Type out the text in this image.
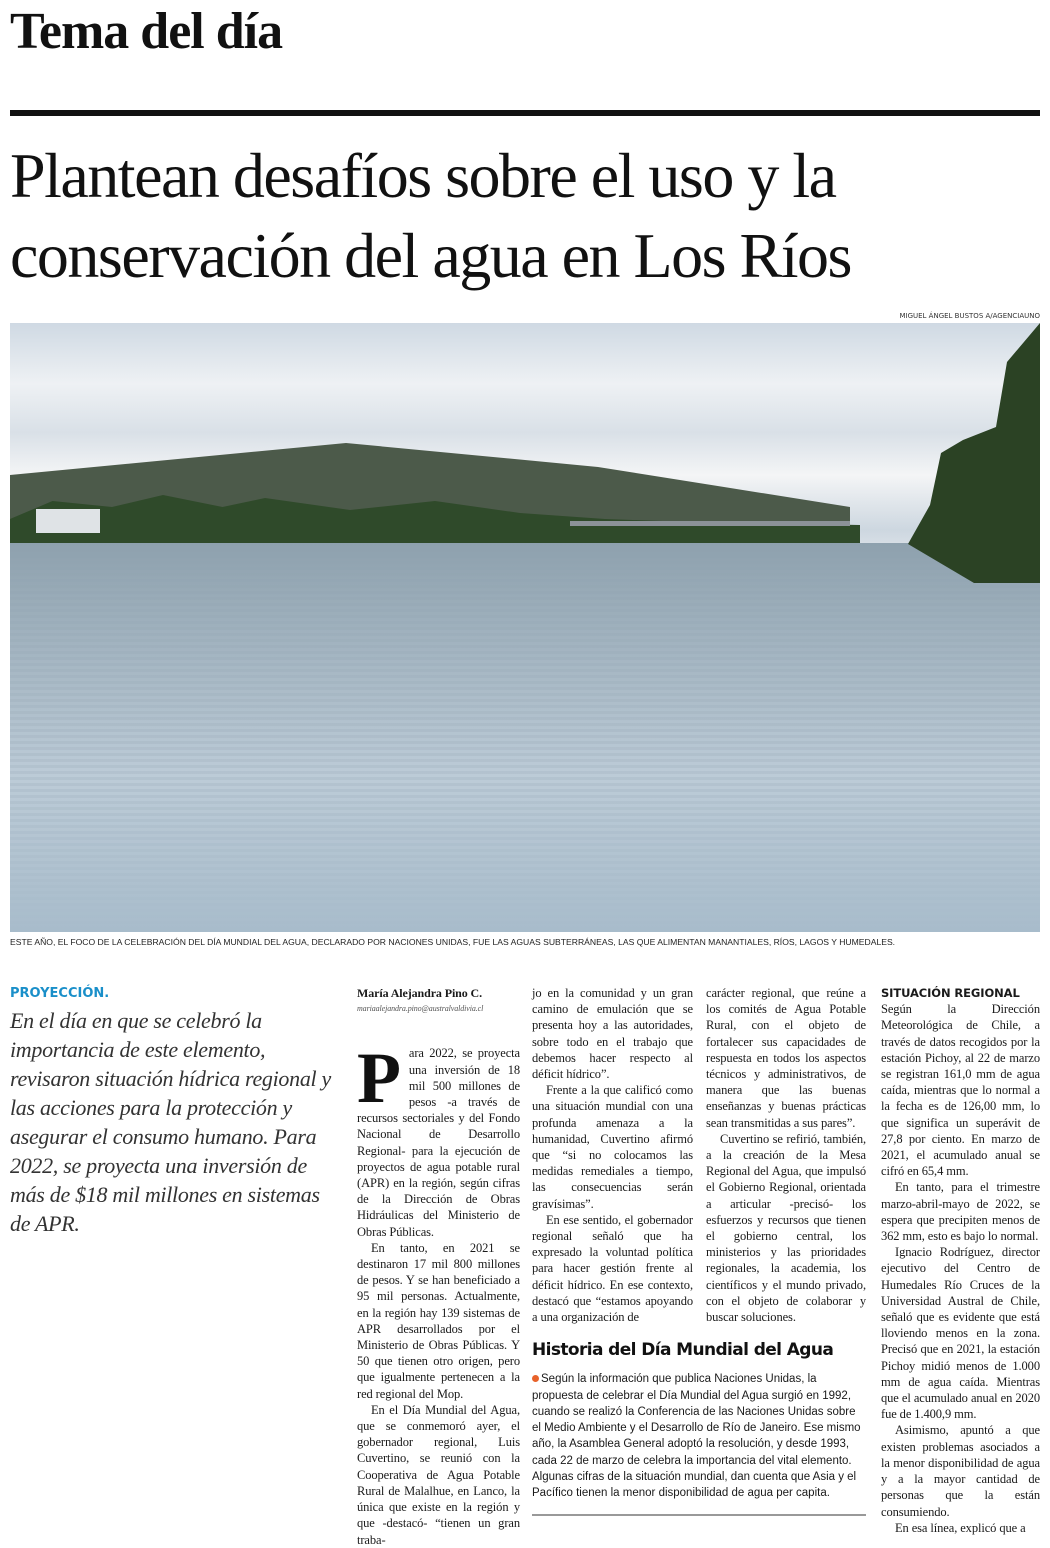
Tema del día
Plantean desafíos sobre el uso y la conservación del agua en Los Ríos
MIGUEL ÁNGEL BUSTOS A/AGENCIAUNO
ESTE AÑO, EL FOCO DE LA CELEBRACIÓN DEL DÍA MUNDIAL DEL AGUA, DECLARADO POR NACIONES UNIDAS, FUE LAS AGUAS SUBTERRÁNEAS, LAS QUE ALIMENTAN MANANTIALES, RÍOS, LAGOS Y HUMEDALES.
PROYECCIÓN.
En el día en que se celebró la importancia de este elemento, revisaron situación hídrica regional y las acciones para la protección y asegurar el consumo humano. Para 2022, se proyecta una inversión de más de $18 mil millones en sistemas de APR.

María Alejandra Pino C.

mariaalejandra.pino@australvaldivia.cl

Para 2022, se proyecta una inversión de 18 mil 500 millones de pesos -a través de recursos sectoriales y del Fondo Nacional de Desarrollo Regional- para la ejecución de proyectos de agua potable rural (APR) en la región, según cifras de la Dirección de Obras Hidráulicas del Ministerio de Obras Públicas.

En tanto, en 2021 se destinaron 17 mil 800 millones de pesos. Y se han beneficiado a 95 mil personas. Actualmente, en la región hay 139 sistemas de APR desarrollados por el Ministerio de Obras Públicas. Y 50 que tienen otro origen, pero que igualmente pertenecen a la red regional del Mop.

En el Día Mundial del Agua, que se conmemoró ayer, el gobernador regional, Luis Cuvertino, se reunió con la Cooperativa de Agua Potable Rural de Malalhue, en Lanco, la única que existe en la región y que -destacó- “tienen un gran traba-

jo en la comunidad y un gran camino de emulación que se presenta hoy a las autoridades, sobre todo en el trabajo que debemos hacer respecto al déficit hídrico”.

Frente a la que calificó como una situación mundial con una profunda amenaza a la humanidad, Cuvertino afirmó que “si no colocamos las medidas remediales a tiempo, las consecuencias serán gravísimas”.

En ese sentido, el gobernador regional señaló que ha expresado la voluntad política para hacer gestión frente al déficit hídrico. En ese contexto, destacó que “estamos apoyando a una organización de

carácter regional, que reúne a los comités de Agua Potable Rural, con el objeto de fortalecer sus capacidades de respuesta en todos los aspectos técnicos y administrativos, de manera que las buenas enseñanzas y buenas prácticas sean transmitidas a sus pares”.

Cuvertino se refirió, también, a la creación de la Mesa Regional del Agua, que impulsó el Gobierno Regional, orientada a articular -precisó- los esfuerzos y recursos que tienen el gobierno central, los ministerios y las prioridades regionales, la academia, los científicos y el mundo privado, con el objeto de colaborar y buscar soluciones.

Historia del Día Mundial del Agua
Según la información que publica Naciones Unidas, la propuesta de celebrar el Día Mundial del Agua surgió en 1992, cuando se realizó la Conferencia de las Naciones Unidas sobre el Medio Ambiente y el Desarrollo de Río de Janeiro. Ese mismo año, la Asamblea General adoptó la resolución, y desde 1993, cada 22 de marzo de celebra la importancia del vital elemento. Algunas cifras de la situación mundial, dan cuenta que Asia y el Pacífico tienen la menor disponibilidad de agua per capita.

SITUACIÓN REGIONAL

Según la Dirección Meteorológica de Chile, a través de datos recogidos por la estación Pichoy, al 22 de marzo se registran 161,0 mm de agua caída, mientras que lo normal a la fecha es de 126,00 mm, lo que significa un superávit de 27,8 por ciento. En marzo de 2021, el acumulado anual se cifró en 65,4 mm.

En tanto, para el trimestre marzo-abril-mayo de 2022, se espera que precipiten menos de 362 mm, esto es bajo lo normal.

Ignacio Rodríguez, director ejecutivo del Centro de Humedales Río Cruces de la Universidad Austral de Chile, señaló que es evidente que está lloviendo menos en la zona. Precisó que en 2021, la estación Pichoy midió menos de 1.000 mm de agua caída. Mientras que el acumulado anual en 2020 fue de 1.400,9 mm.

Asimismo, apuntó a que existen problemas asociados a la menor disponibilidad de agua y a la mayor cantidad de personas que la están consumiendo.

En esa línea, explicó que a
